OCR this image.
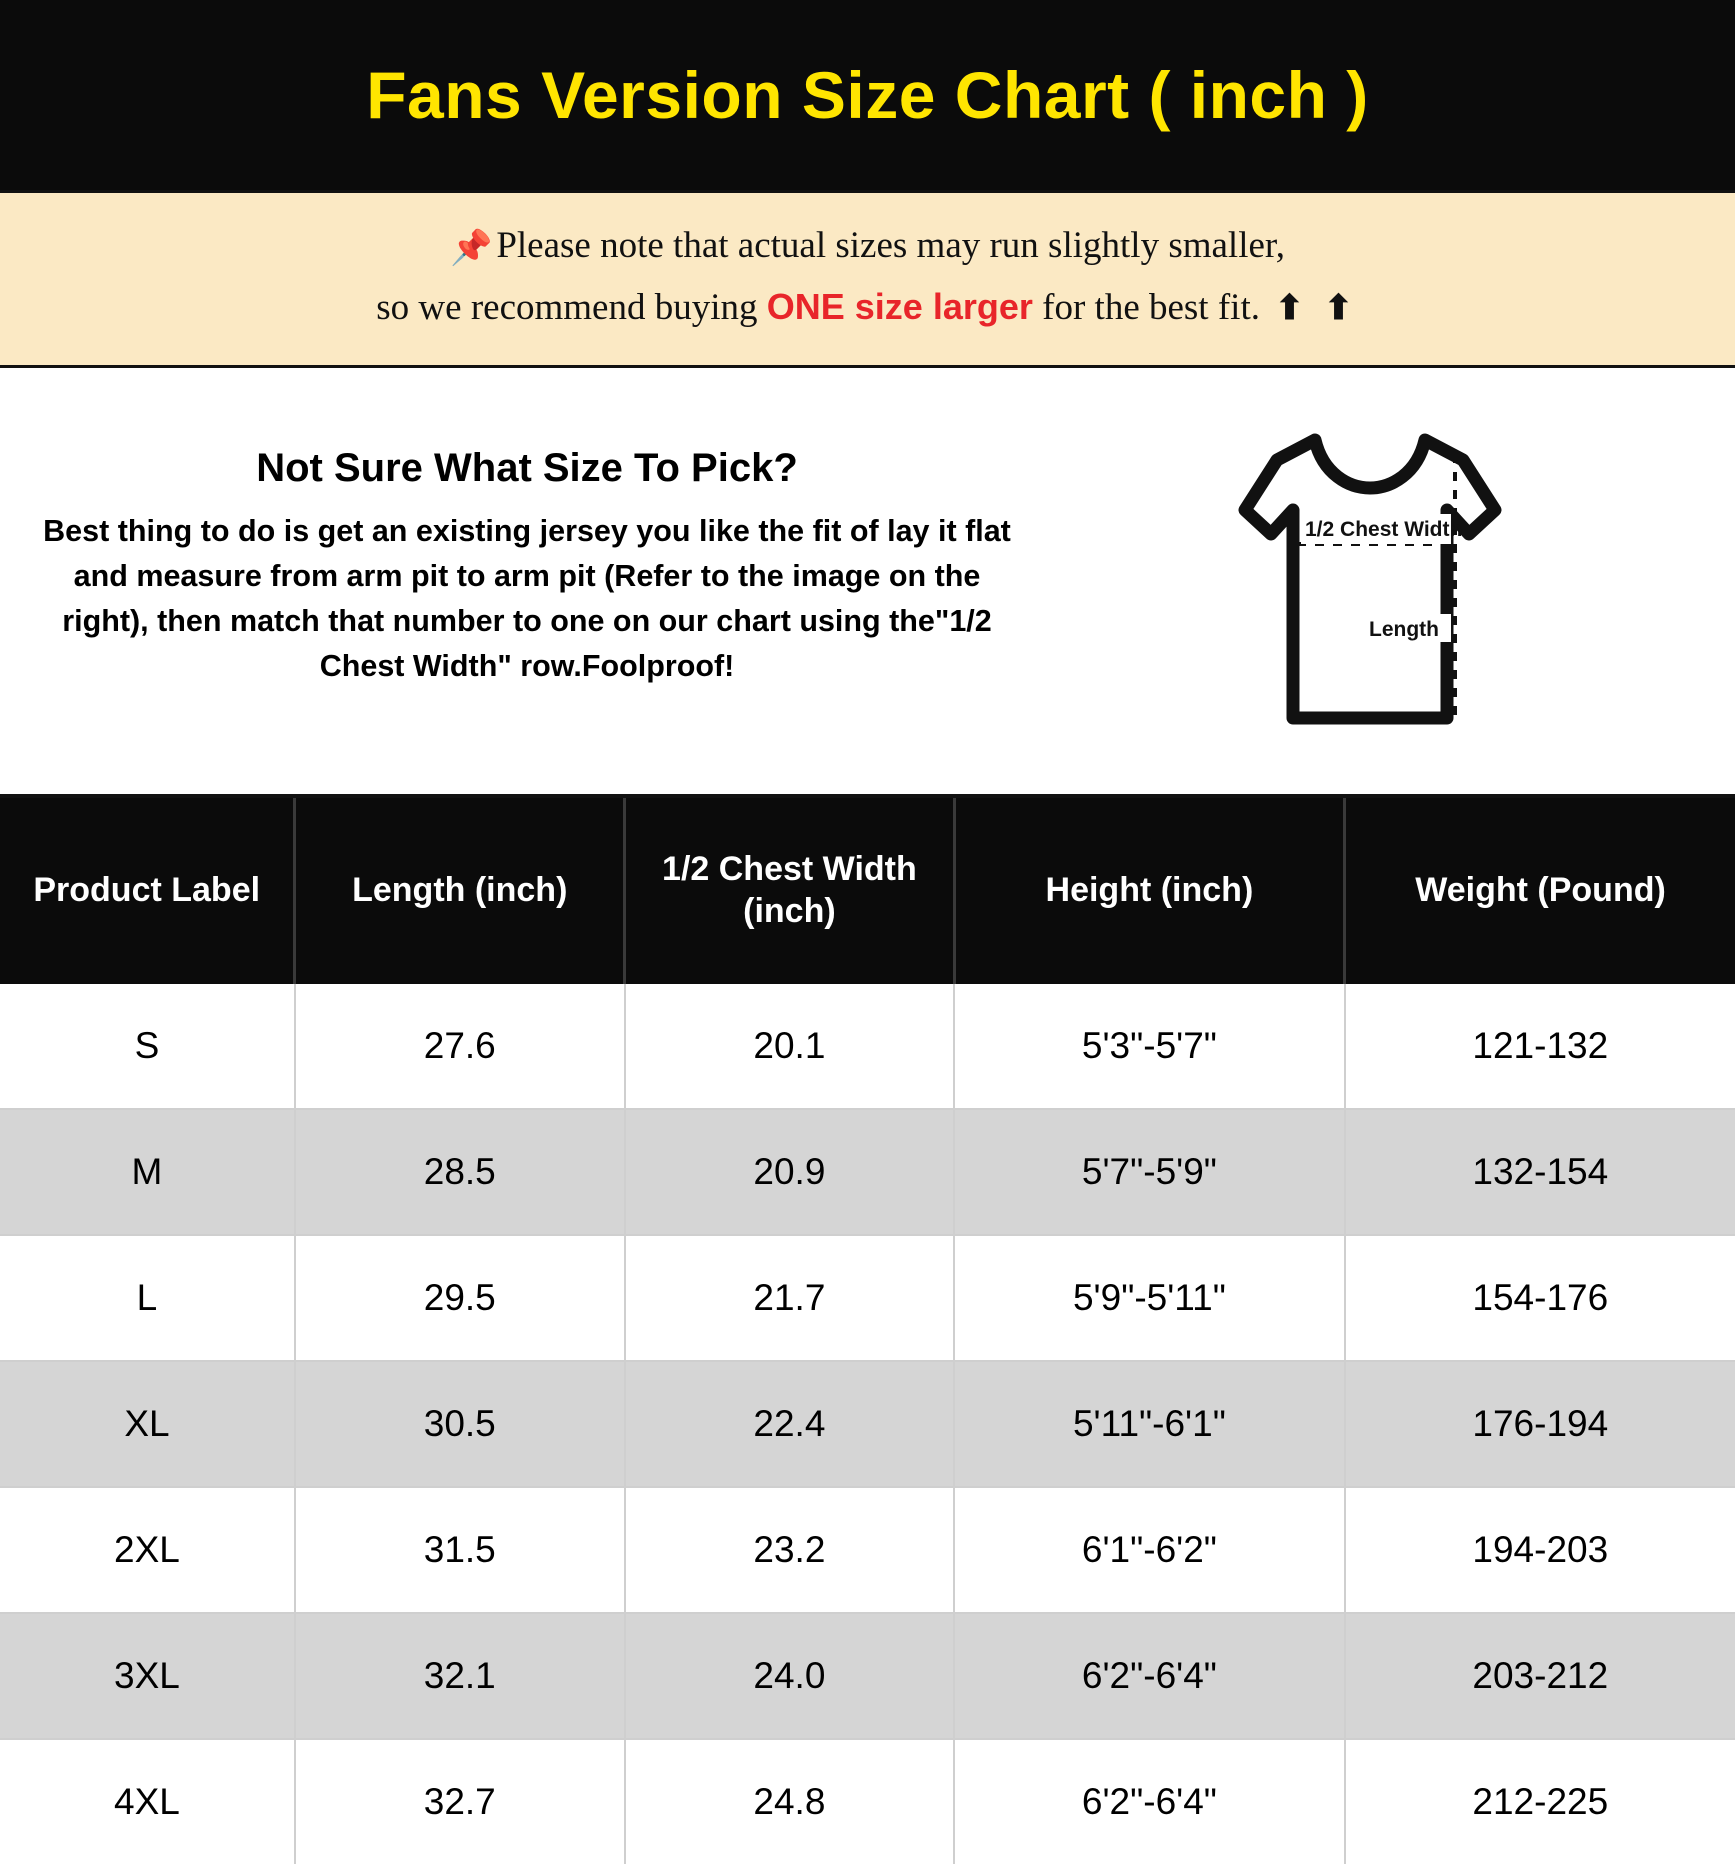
Fans Version Size Chart ( inch )
📌 Please note that actual sizes may run slightly smaller,
so we recommend buying ONE size larger for the best fit. ⬆ ⬆
Not Sure What Size To Pick?
Best thing to do is get an existing jersey you like the fit of lay it flat and measure from arm pit to arm pit (Refer to the image on the right), then match that number to one on our chart using the"1/2 Chest Width" row.Foolproof!
1/2 Chest Width
Length
Product Label	Length (inch)	1/2 Chest Width (inch)	Height (inch)	Weight (Pound)
S	27.6	20.1	5'3"-5'7"	121-132
M	28.5	20.9	5'7"-5'9"	132-154
L	29.5	21.7	5'9"-5'11"	154-176
XL	30.5	22.4	5'11"-6'1"	176-194
2XL	31.5	23.2	6'1"-6'2"	194-203
3XL	32.1	24.0	6'2"-6'4"	203-212
4XL	32.7	24.8	6'2"-6'4"	212-225
